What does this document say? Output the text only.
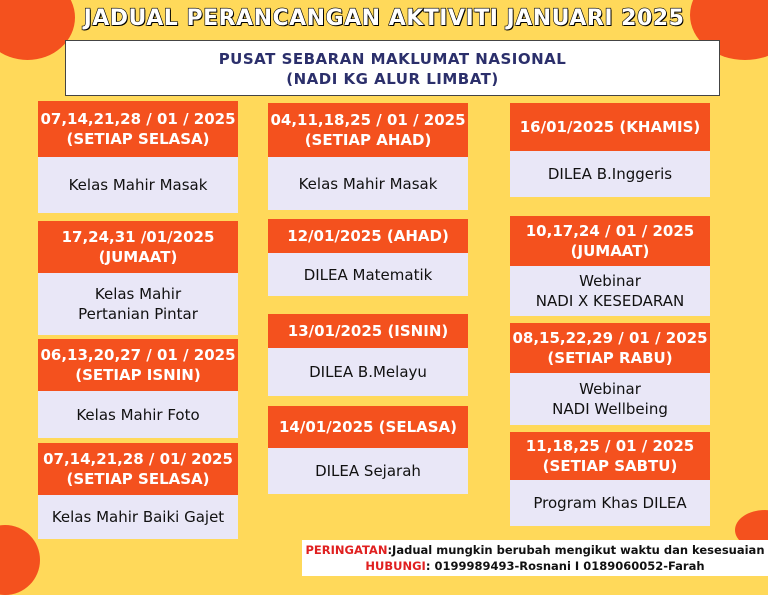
JADUAL PERANCANGAN AKTIVITI JANUARI 2025
PUSAT SEBARAN MAKLUMAT NASIONAL
(NADI KG ALUR LIMBAT)
07,14,21,28 / 01 / 2025
(SETIAP SELASA)
Kelas Mahir Masak
17,24,31 /01/2025
(JUMAAT)
Kelas Mahir
Pertanian Pintar
06,13,20,27 / 01 / 2025
(SETIAP ISNIN)
Kelas Mahir Foto
07,14,21,28 / 01/ 2025
(SETIAP SELASA)
Kelas Mahir Baiki Gajet
04,11,18,25 / 01 / 2025
(SETIAP AHAD)
Kelas Mahir Masak
12/01/2025 (AHAD)
DILEA Matematik
13/01/2025 (ISNIN)
DILEA B.Melayu
14/01/2025 (SELASA)
DILEA Sejarah
16/01/2025 (KHAMIS)
DILEA B.Inggeris
10,17,24 / 01 / 2025
(JUMAAT)
Webinar
NADI X KESEDARAN
08,15,22,29 / 01 / 2025
(SETIAP RABU)
Webinar
NADI Wellbeing
11,18,25 / 01 / 2025
(SETIAP SABTU)
Program Khas DILEA
PERINGATAN:Jadual mungkin berubah mengikut waktu dan kesesuaian
HUBUNGI: 0199989493-Rosnani I 0189060052-Farah
